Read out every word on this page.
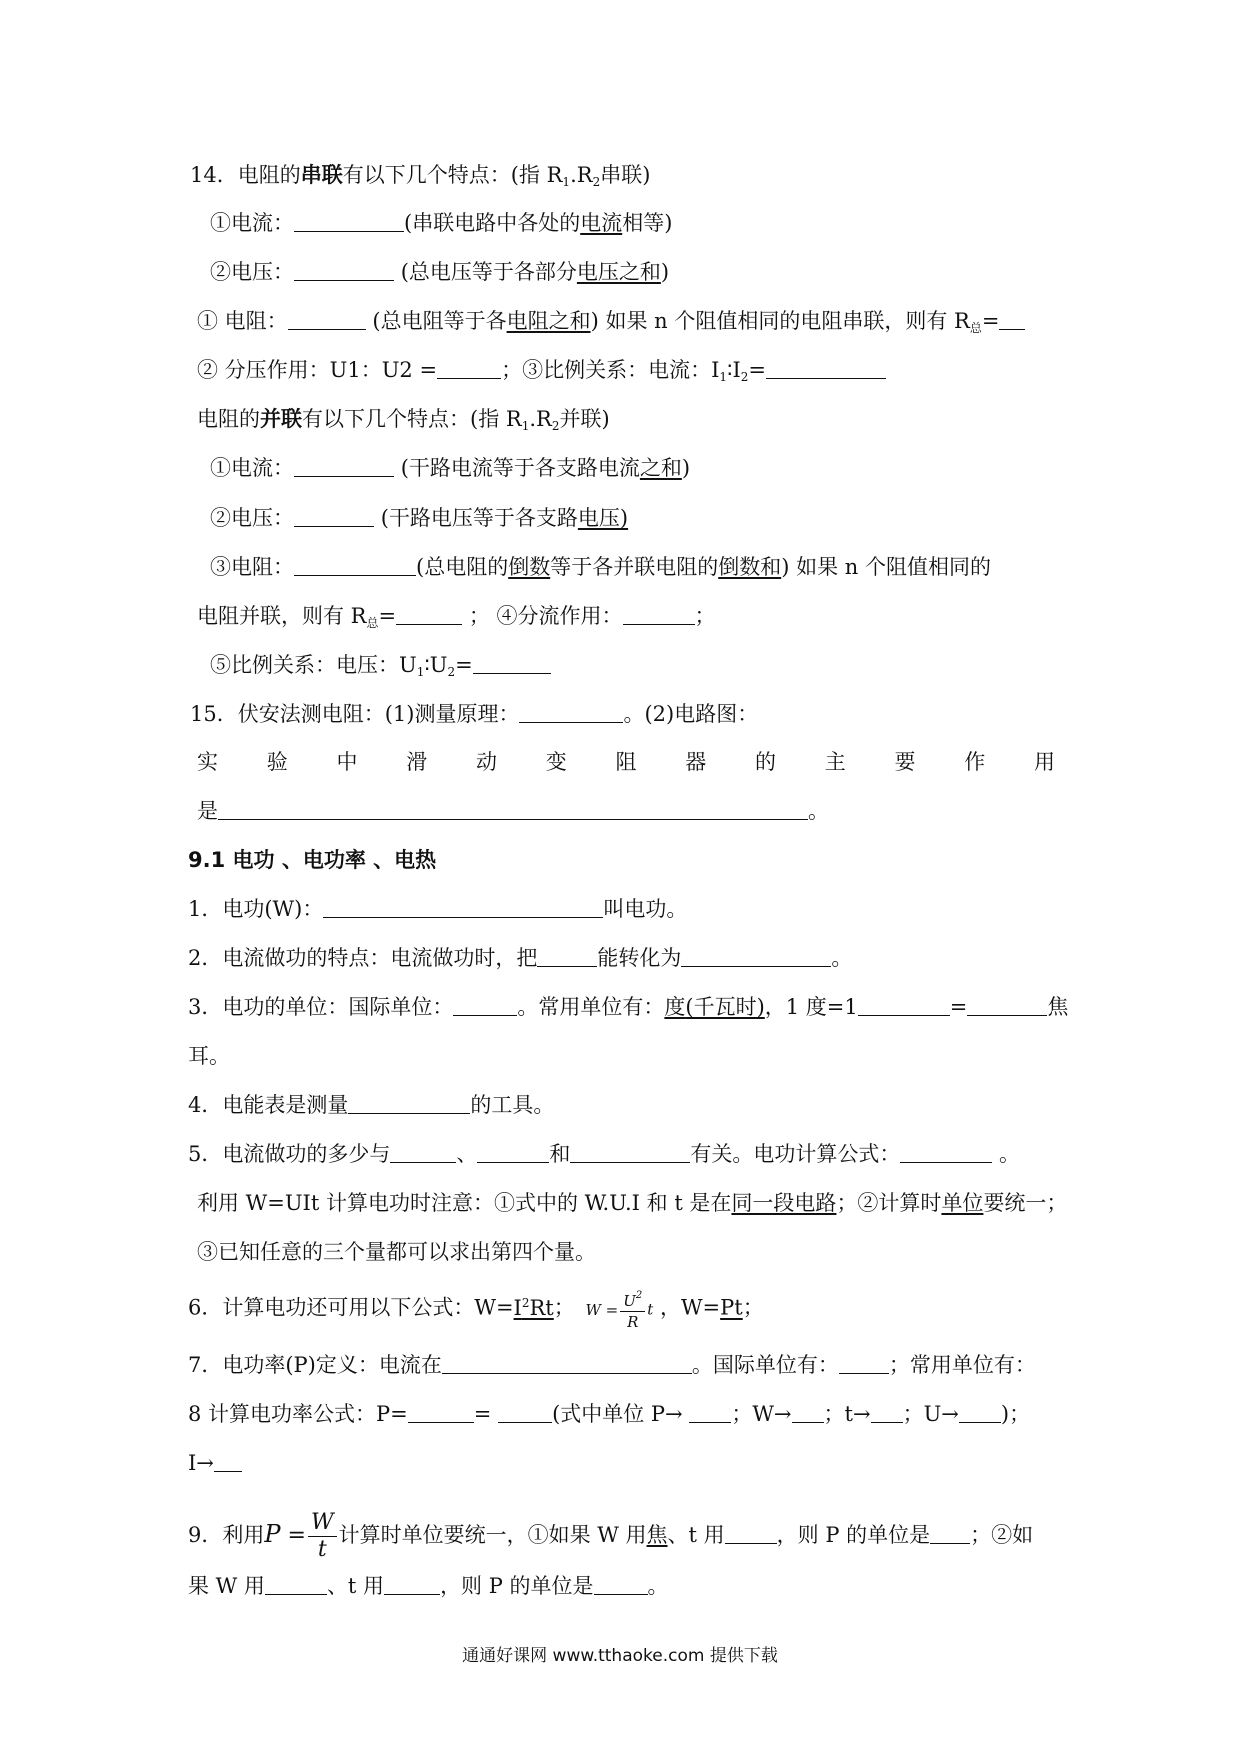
14．电阻的串联有以下几个特点：(指 $R_1.R_2$串联)
①电流：	(串联电路中各处的电流相等)
②电压：	(总电压等于各部分电压之和)
① 电阻：	(总电阻等于各电阻之和) 如果 n 个阻值相同的电阻串联，则有 $R_总=$
② 分压作用：U1：U2 =	；③比例关系：电流：$I_1∶I_2=$
电阻的并联有以下几个特点：(指 $R_1.R_2$并联)
①电流：	(干路电流等于各支路电流之和)
②电压：	(干路电压等于各支路电压)
③电阻：	(总电阻的倒数等于各并联电阻的倒数和) 如果 n 个阻值相同的
电阻并联，则有 $R_总=$	； ④分流作用：	；
⑤比例关系：电压：$U_1∶U_2=$
15．伏安法测电阻：(1)测量原理：	。(2)电路图：
实 验 中 滑 动 变 阻 器 的 主 要 作 用
是	。
9.1 电功 、电功率 、电热
1．电功(W)：	叫电功。
2．电流做功的特点：电流做功时，把	能转化为	。
3．电功的单位：国际单位：	。常用单位有：度(千瓦时)，1 度=1	=	焦
耳。
4．电能表是测量	的工具。
5．电流做功的多少与	、	和	有关。电功计算公式：	。
利用 W=UIt 计算电功时注意：①式中的 W.U.I 和 t 是在同一段电路；②计算时单位要统一；
③已知任意的三个量都可以求出第四个量。
6．计算电功还可用以下公式：$W=I^2Rt$； $W = \frac{U^2}{R}$ t ，W=Pt；
7．电功率(P)定义：电流在	。国际单位有： ；常用单位有：
8 计算电功率公式：P=	=	(式中单位 P→ ；W→ ；t→ ；U→ )；
I→
9．利用$P = \frac{W}{t}$ 计算时单位要统一，①如果 W 用焦、t 用 ，则 P 的单位是 ；②如
果 W 用	、t 用	，则 P 的单位是	。
通通好课网 www.tthaoke.com 提供下载
